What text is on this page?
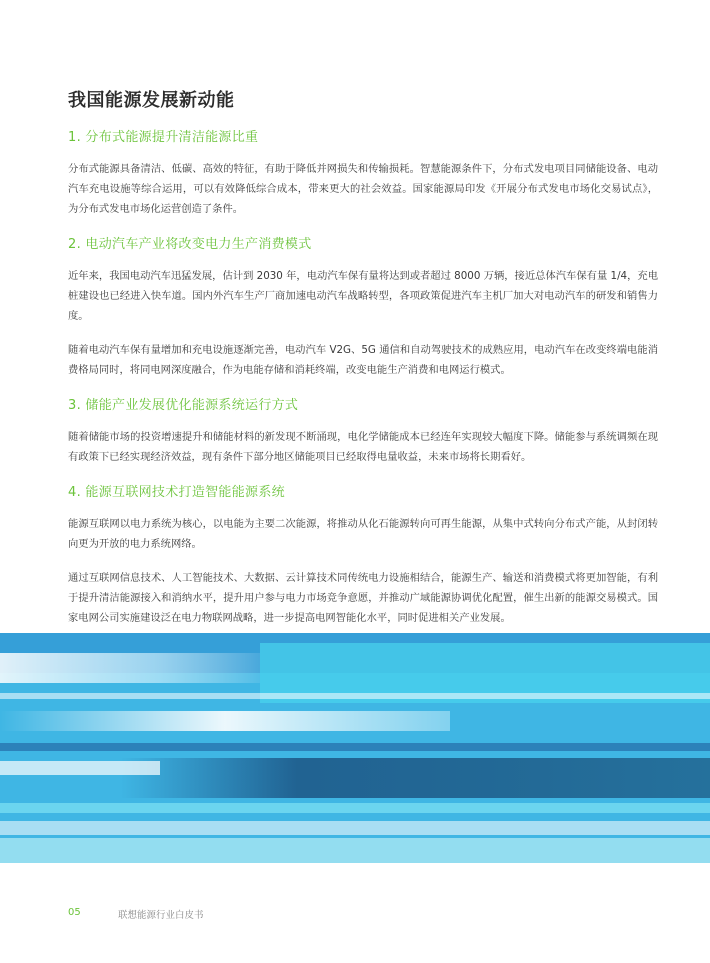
我国能源发展新动能
1. 分布式能源提升清洁能源比重

分布式能源具备清洁、低碳、高效的特征，有助于降低并网损失和传输损耗。智慧能源条件下，分布式发电项目同储能设备、电动汽车充电设施等综合运用，可以有效降低综合成本，带来更大的社会效益。国家能源局印发《开展分布式发电市场化交易试点》，为分布式发电市场化运营创造了条件。

2. 电动汽车产业将改变电力生产消费模式

近年来，我国电动汽车迅猛发展，估计到 2030 年，电动汽车保有量将达到或者超过 8000 万辆，接近总体汽车保有量 1/4，充电桩建设也已经进入快车道。国内外汽车生产厂商加速电动汽车战略转型，各项政策促进汽车主机厂加大对电动汽车的研发和销售力度。

随着电动汽车保有量增加和充电设施逐渐完善，电动汽车 V2G、5G 通信和自动驾驶技术的成熟应用，电动汽车在改变终端电能消费格局同时，将同电网深度融合，作为电能存储和消耗终端，改变电能生产消费和电网运行模式。

3. 储能产业发展优化能源系统运行方式

随着储能市场的投资增速提升和储能材料的新发现不断涌现，电化学储能成本已经连年实现较大幅度下降。储能参与系统调频在现有政策下已经实现经济效益，现有条件下部分地区储能项目已经取得电量收益，未来市场将长期看好。

4. 能源互联网技术打造智能能源系统

能源互联网以电力系统为核心，以电能为主要二次能源，将推动从化石能源转向可再生能源，从集中式转向分布式产能，从封闭转向更为开放的电力系统网络。

通过互联网信息技术、人工智能技术、大数据、云计算技术同传统电力设施相结合，能源生产、输送和消费模式将更加智能，有利于提升清洁能源接入和消纳水平，提升用户参与电力市场竞争意愿，并推动广域能源协调优化配置，催生出新的能源交易模式。国家电网公司实施建设泛在电力物联网战略，进一步提高电网智能化水平，同时促进相关产业发展。

05	联想能源行业白皮书
